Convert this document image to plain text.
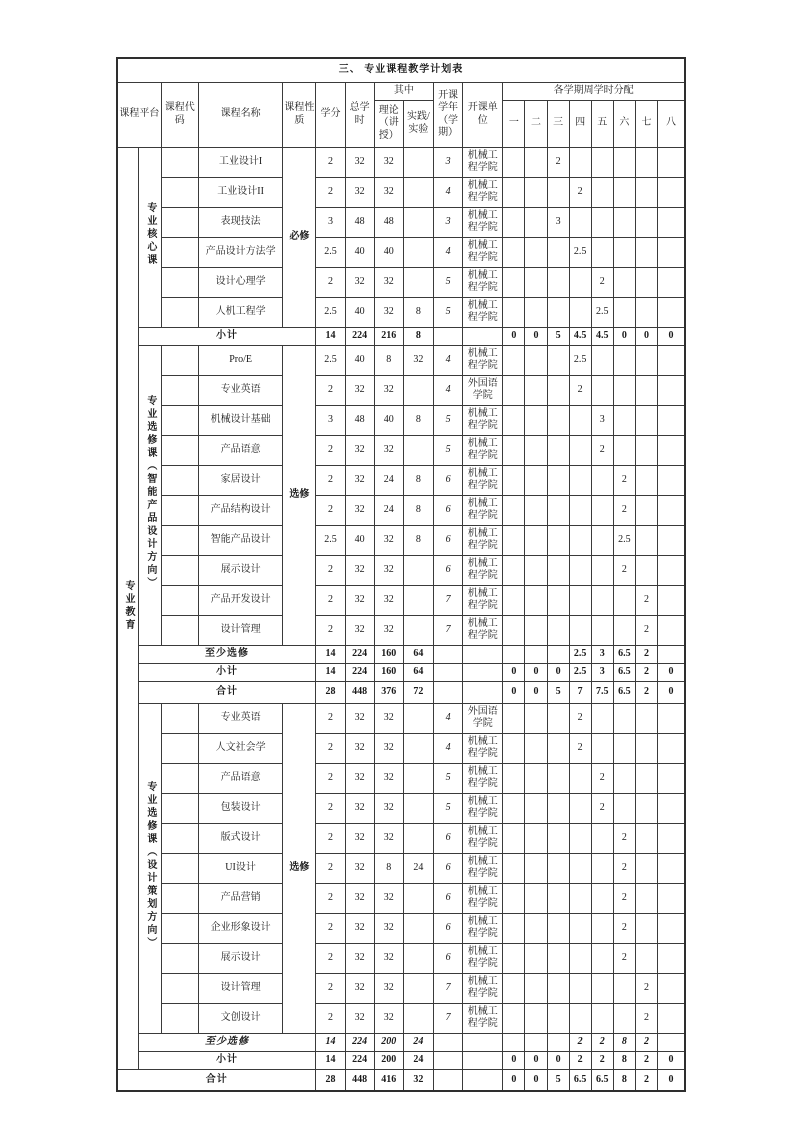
三、 专业课程教学计划表																		
课程平台		课程代码	课程名称	课程性质	学分	总学时	其中		开课学年（学期）	开课单位	各学期周学时分配							
							理论（讲授）	实践/实验			一	二	三	四	五	六	七	八
专业教育	专业核心课		工业设计I	必修	2	32	32		3	机械工程学院			2					
			工业设计II		2	32	32		4	机械工程学院				2				
			表现技法		3	48	48		3	机械工程学院			3					
			产品设计方法学		2.5	40	40		4	机械工程学院				2.5				
			设计心理学		2	32	32		5	机械工程学院					2			
			人机工程学		2.5	40	32	8	5	机械工程学院					2.5			
	小计				14	224	216	8			0	0	5	4.5	4.5	0	0	0
	专业选修课（智能产品设计方向）		Pro/E	选修	2.5	40	8	32	4	机械工程学院				2.5				
			专业英语		2	32	32		4	外国语学院				2				
			机械设计基础		3	48	40	8	5	机械工程学院					3			
			产品语意		2	32	32		5	机械工程学院					2			
			家居设计		2	32	24	8	6	机械工程学院						2		
			产品结构设计		2	32	24	8	6	机械工程学院						2		
			智能产品设计		2.5	40	32	8	6	机械工程学院						2.5		
			展示设计		2	32	32		6	机械工程学院						2		
			产品开发设计		2	32	32		7	机械工程学院							2	
			设计管理		2	32	32		7	机械工程学院							2	
	至少选修				14	224	160	64						2.5	3	6.5	2	
	小计				14	224	160	64			0	0	0	2.5	3	6.5	2	0
	合计				28	448	376	72			0	0	5	7	7.5	6.5	2	0
	专业选修课（设计策划方向）		专业英语	选修	2	32	32		4	外国语学院				2				
			人文社会学		2	32	32		4	机械工程学院				2				
			产品语意		2	32	32		5	机械工程学院					2			
			包装设计		2	32	32		5	机械工程学院					2			
			版式设计		2	32	32		6	机械工程学院						2		
			UI设计		2	32	8	24	6	机械工程学院						2		
			产品营销		2	32	32		6	机械工程学院						2		
			企业形象设计		2	32	32		6	机械工程学院						2		
			展示设计		2	32	32		6	机械工程学院						2		
			设计管理		2	32	32		7	机械工程学院							2	
			文创设计		2	32	32		7	机械工程学院							2	
	至少选修				14	224	200	24						2	2	8	2	
	小计				14	224	200	24			0	0	0	2	2	8	2	0
合计					28	448	416	32			0	0	5	6.5	6.5	8	2	0
